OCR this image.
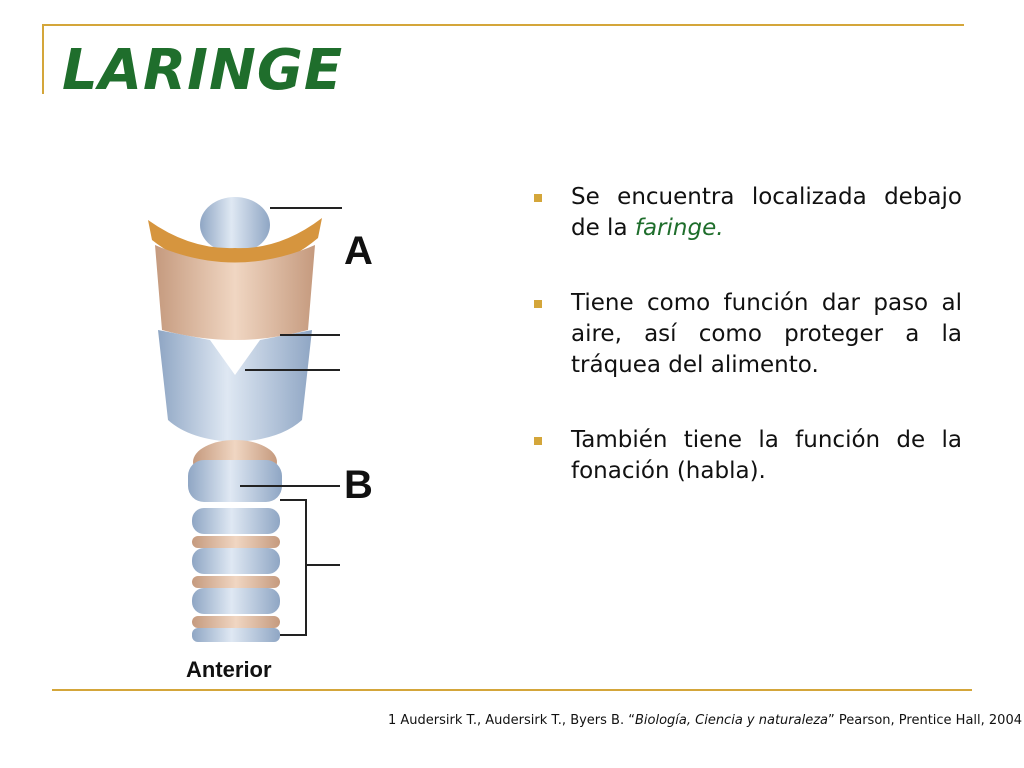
LARINGE
A
B
Anterior
Se encuentra localizada debajo de la faringe.
Tiene como función dar paso al aire, así como proteger a la tráquea del alimento.
También tiene la función de la fonación (habla).
1 Audersirk T., Audersirk T., Byers B. “Biología, Ciencia y naturaleza” Pearson, Prentice Hall, 2004
